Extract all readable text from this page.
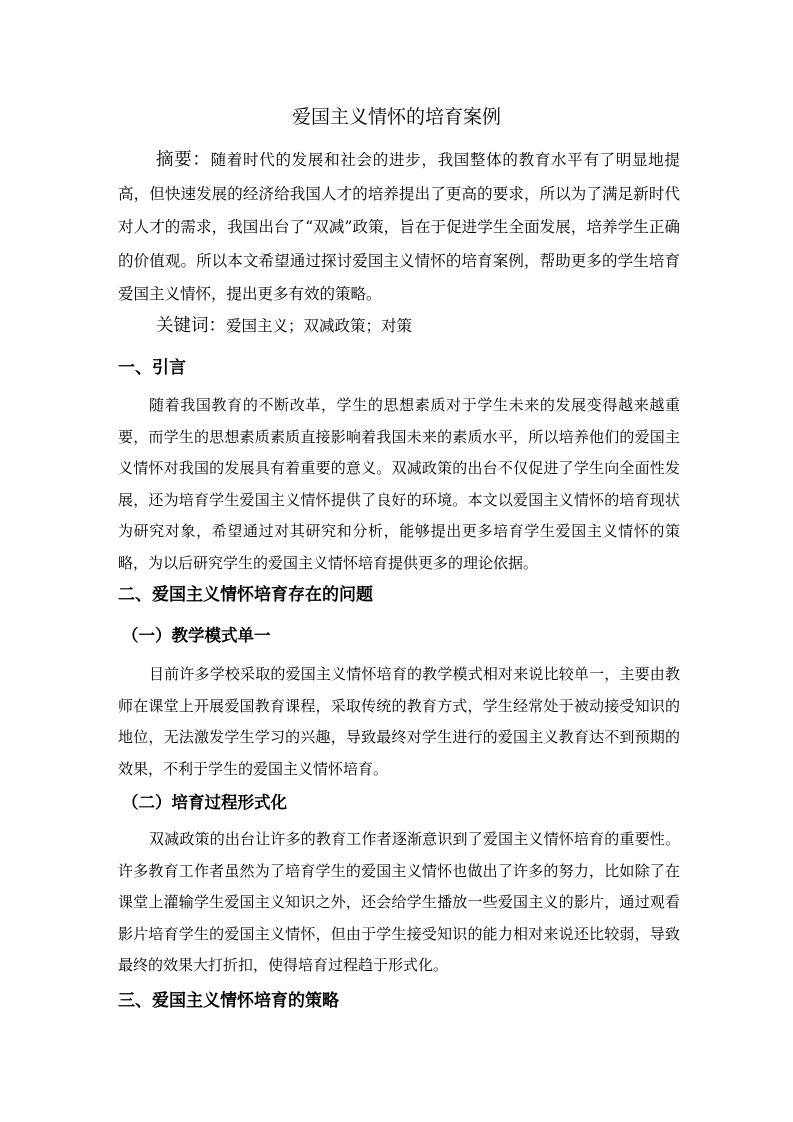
爱国主义情怀的培育案例

摘要：随着时代的发展和社会的进步，我国整体的教育水平有了明显地提高，但快速发展的经济给我国人才的培养提出了更高的要求，所以为了满足新时代对人才的需求，我国出台了“双减”政策，旨在于促进学生全面发展，培养学生正确的价值观。所以本文希望通过探讨爱国主义情怀的培育案例，帮助更多的学生培育爱国主义情怀，提出更多有效的策略。

关键词：爱国主义；双减政策；对策

一、引言

随着我国教育的不断改革，学生的思想素质对于学生未来的发展变得越来越重要，而学生的思想素质素质直接影响着我国未来的素质水平，所以培养他们的爱国主义情怀对我国的发展具有着重要的意义。双减政策的出台不仅促进了学生向全面性发展，还为培育学生爱国主义情怀提供了良好的环境。本文以爱国主义情怀的培育现状为研究对象，希望通过对其研究和分析，能够提出更多培育学生爱国主义情怀的策略，为以后研究学生的爱国主义情怀培育提供更多的理论依据。

二、爱国主义情怀培育存在的问题
（一）教学模式单一

目前许多学校采取的爱国主义情怀培育的教学模式相对来说比较单一，主要由教师在课堂上开展爱国教育课程，采取传统的教育方式，学生经常处于被动接受知识的地位，无法激发学生学习的兴趣，导致最终对学生进行的爱国主义教育达不到预期的效果，不利于学生的爱国主义情怀培育。

（二）培育过程形式化

双减政策的出台让许多的教育工作者逐渐意识到了爱国主义情怀培育的重要性。许多教育工作者虽然为了培育学生的爱国主义情怀也做出了许多的努力，比如除了在课堂上灌输学生爱国主义知识之外，还会给学生播放一些爱国主义的影片，通过观看影片培育学生的爱国主义情怀，但由于学生接受知识的能力相对来说还比较弱，导致最终的效果大打折扣，使得培育过程趋于形式化。

三、爱国主义情怀培育的策略
